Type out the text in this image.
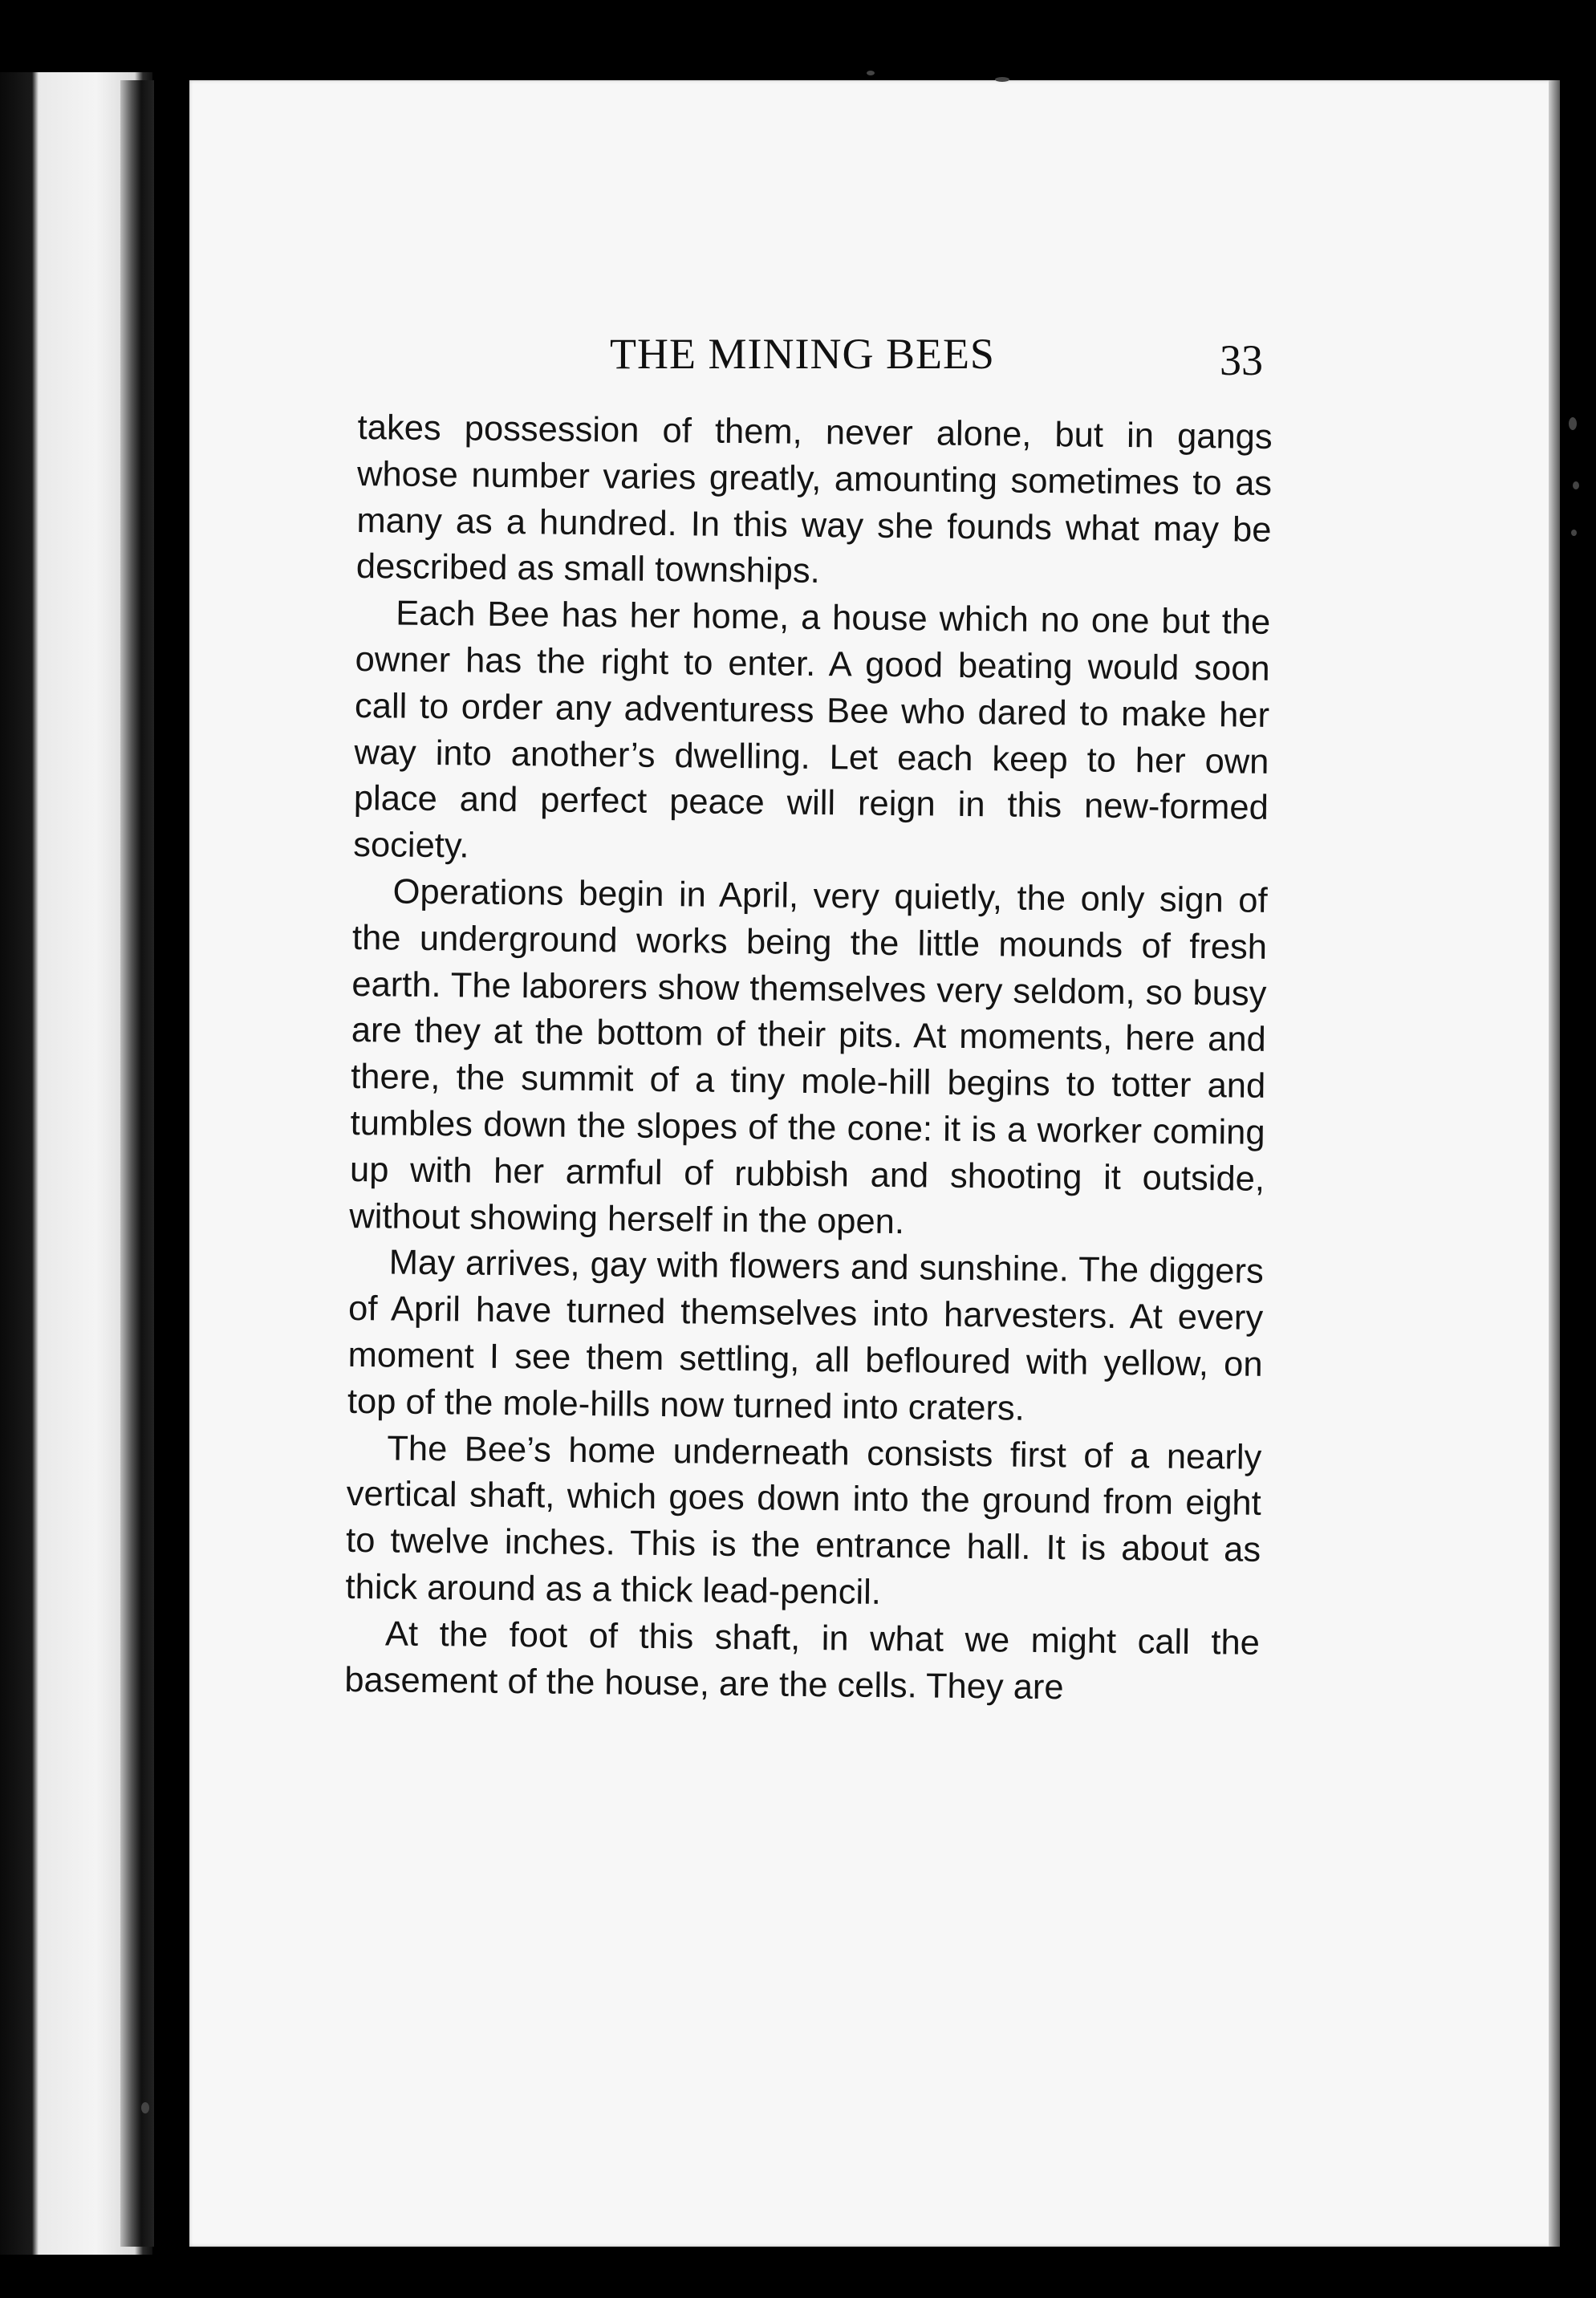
THE MINING BEES	33

takes possession of them, never alone, but in gangs whose number varies greatly, amounting sometimes to as many as a hundred. In this way she founds what may be described as small townships.

Each Bee has her home, a house which no one but the owner has the right to enter. A good beating would soon call to order any adventuress Bee who dared to make her way into another’s dwelling. Let each keep to her own place and perfect peace will reign in this new-formed society.

Operations begin in April, very quietly, the only sign of the underground works being the little mounds of fresh earth. The laborers show themselves very seldom, so busy are they at the bottom of their pits. At moments, here and there, the summit of a tiny mole-hill begins to totter and tumbles down the slopes of the cone: it is a worker coming up with her armful of rubbish and shooting it outside, without showing herself in the open.

May arrives, gay with flowers and sunshine. The diggers of April have turned themselves into harvesters. At every moment I see them settling, all befloured with yellow, on top of the mole-hills now turned into craters.

The Bee’s home underneath consists first of a nearly vertical shaft, which goes down into the ground from eight to twelve inches. This is the entrance hall. It is about as thick around as a thick lead-pencil.

At the foot of this shaft, in what we might call the basement of the house, are the cells. They are
